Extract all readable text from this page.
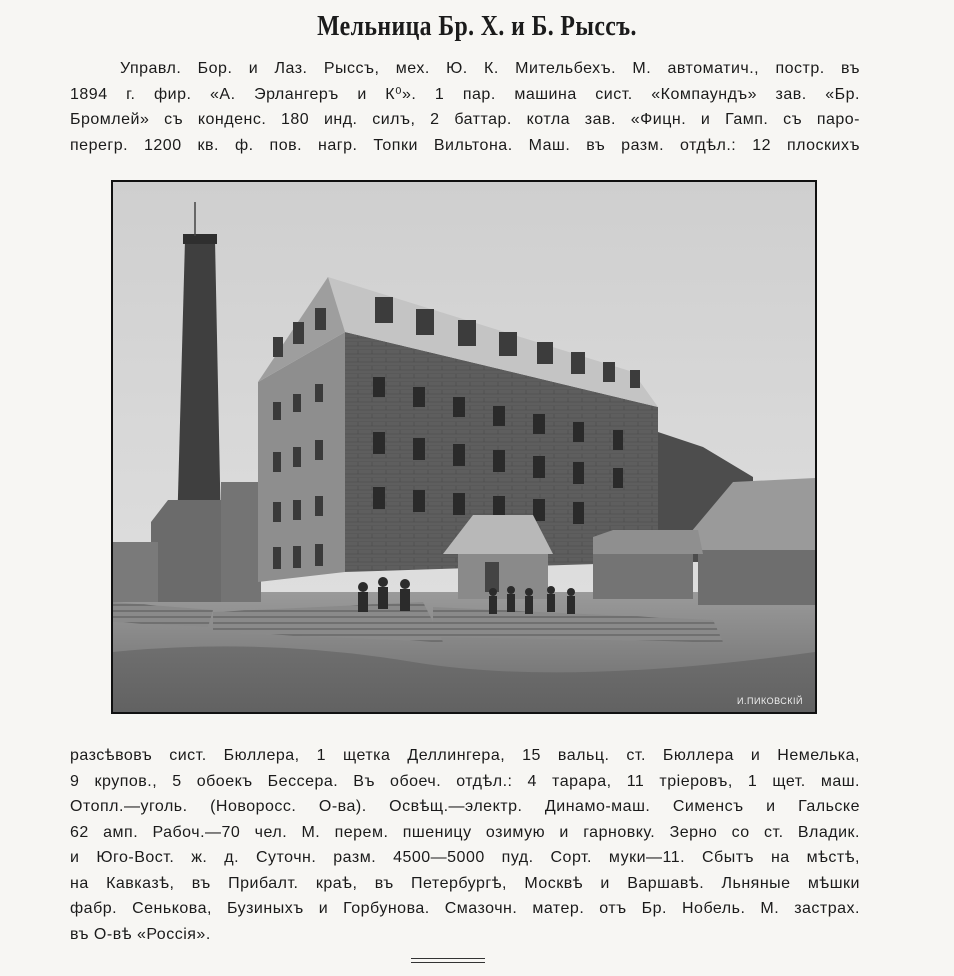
Мельница Бр. Х. и Б. Рыссъ.
Управл. Бор. и Лаз. Рыссъ, мех. Ю. К. Мительбехъ. М. автоматич., постр. въ
1894 г. фир. «А. Эрлангеръ и К⁰». 1 пар. машина сист. «Компаундъ» зав. «Бр.
Бромлей» съ конденс. 180 инд. силъ, 2 баттар. котла зав. «Фицн. и Гамп. съ паро-
перегр. 1200 кв. ф. пов. нагр. Топки Вильтона. Маш. въ разм. отдѣл.: 12 плоскихъ
И.ПИКОВСКІЙ
разсѣвовъ сист. Бюллера, 1 щетка Деллингера, 15 вальц. ст. Бюллера и Немелька,
9 крупов., 5 обоекъ Бессера. Въ обоеч. отдѣл.: 4 тарара, 11 тріеровъ, 1 щет. маш.
Отопл.—уголь. (Новоросс. О-ва). Освѣщ.—электр. Динамо-маш. Сименсъ и Гальске
62 амп. Рабоч.—70 чел. М. перем. пшеницу озимую и гарновку. Зерно со ст. Владик.
и Юго-Вост. ж. д. Суточн. разм. 4500—5000 пуд. Сорт. муки—11. Сбытъ на мѣстѣ,
на Кавказѣ, въ Прибалт. краѣ, въ Петербургѣ, Москвѣ и Варшавѣ. Льняные мѣшки
фабр. Сенькова, Бузиныхъ и Горбунова. Смазочн. матер. отъ Бр. Нобель. М. застрах.
въ О-вѣ «Россія».
